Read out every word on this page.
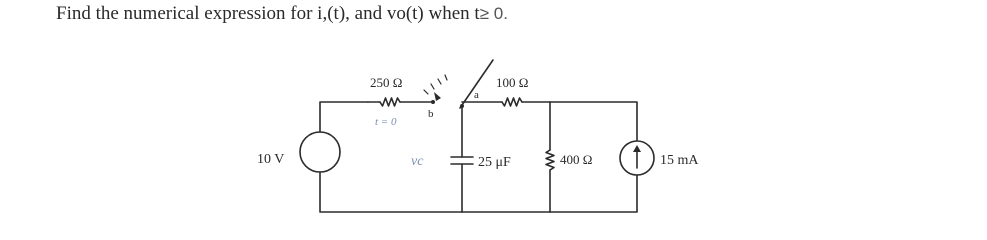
Find the numerical expression for i,(t), and vo(t) when t≥ 0.
10 V
250 Ω	100 Ω
t = 0
b
a
vc	25 μF	400 Ω	15 mA
